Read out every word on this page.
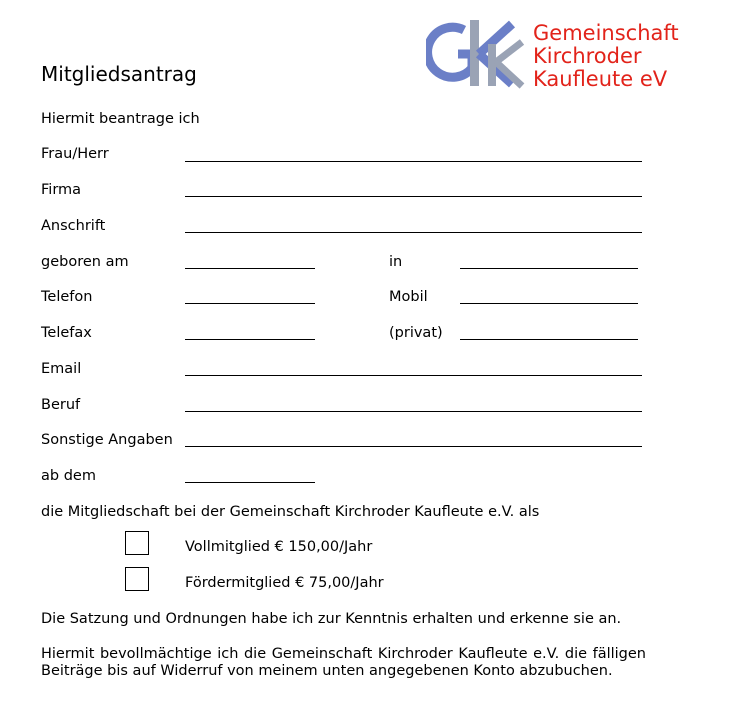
Gemeinschaft
Kirchroder
Kaufleute eV
Mitgliedsantrag
Hiermit beantrage ich
Frau/Herr
Firma
Anschrift
geboren am	in
Telefon	Mobil
Telefax	(privat)
Email
Beruf
Sonstige Angaben
ab dem
die Mitgliedschaft bei der Gemeinschaft Kirchroder Kaufleute e.V. als
Vollmitglied € 150,00/Jahr
Fördermitglied € 75,00/Jahr
Die Satzung und Ordnungen habe ich zur Kenntnis erhalten und erkenne sie an.
Hiermit bevollmächtige ich die Gemeinschaft Kirchroder Kaufleute e.V. die fälligen Beiträge bis auf Widerruf von meinem unten angegebenen Konto abzubuchen.
